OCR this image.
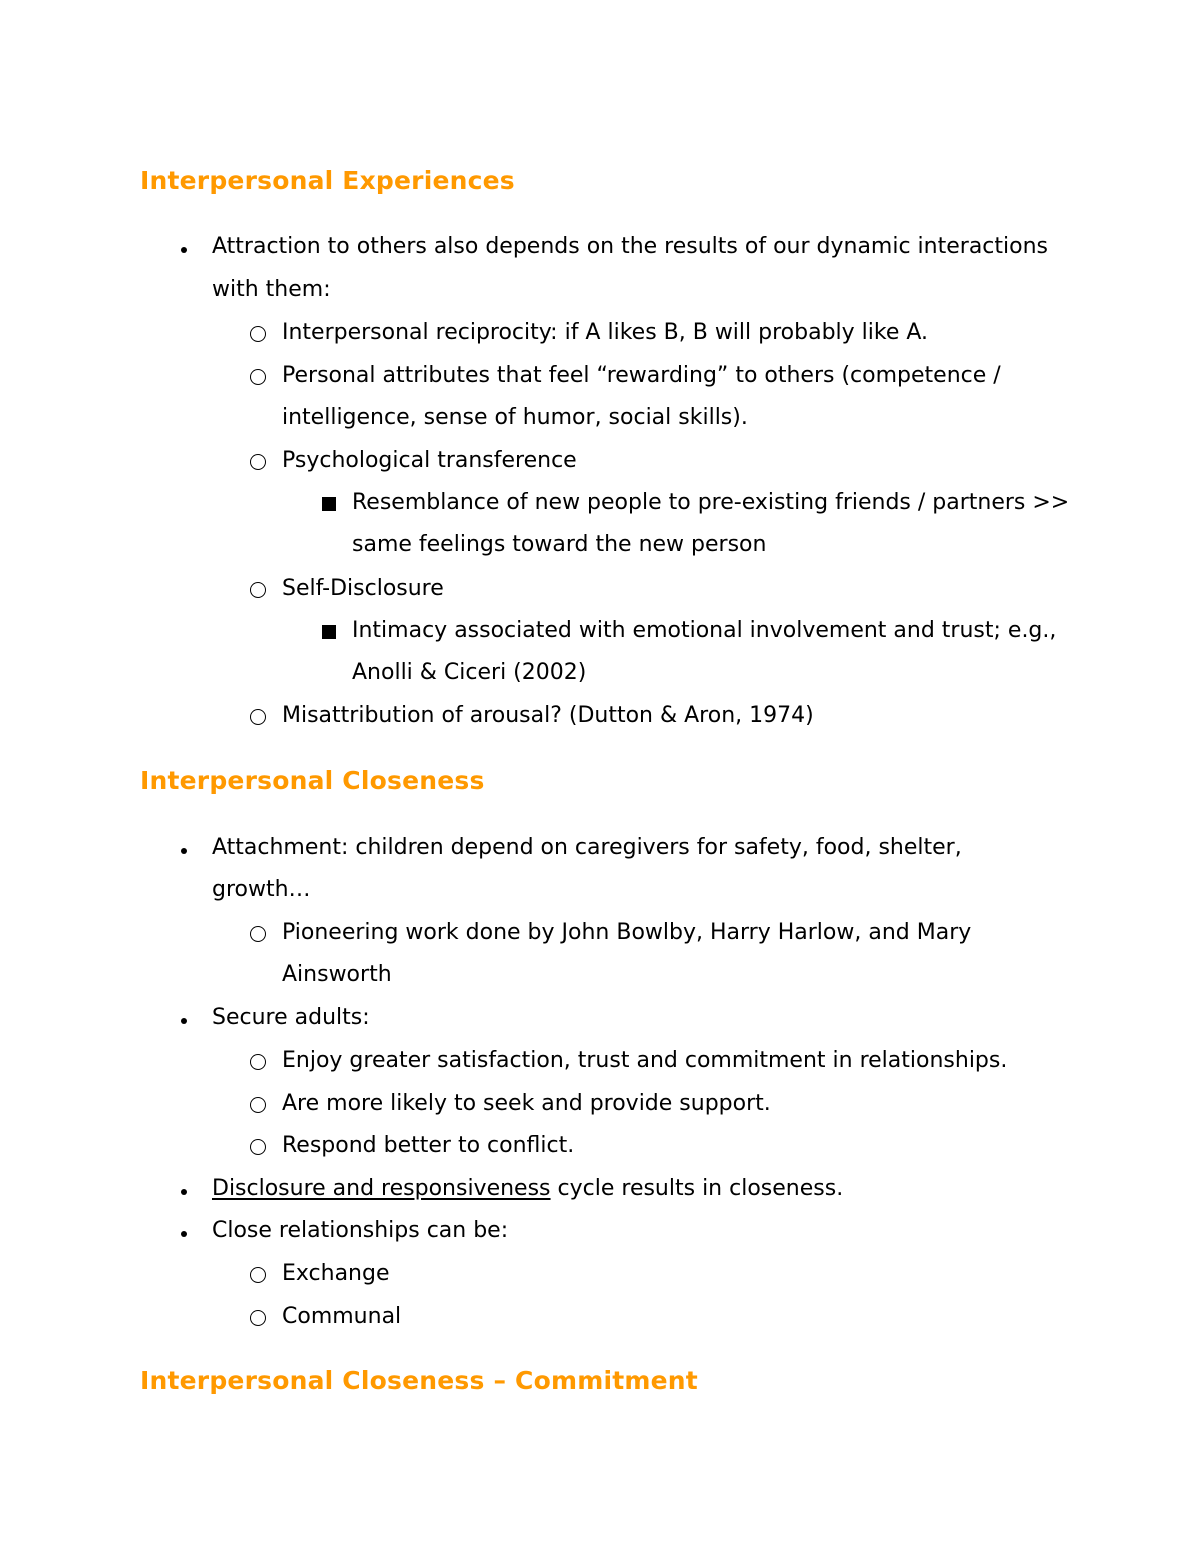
Interpersonal Experiences
Attraction to others also depends on the results of our dynamic interactions
with them:
Interpersonal reciprocity: if A likes B, B will probably like A.
Personal attributes that feel “rewarding” to others (competence /
intelligence, sense of humor, social skills).
Psychological transference
Resemblance of new people to pre-existing friends / partners >>
same feelings toward the new person
Self-Disclosure
Intimacy associated with emotional involvement and trust; e.g.,
Anolli & Ciceri (2002)
Misattribution of arousal? (Dutton & Aron, 1974)
Interpersonal Closeness
Attachment: children depend on caregivers for safety, food, shelter,
growth…
Pioneering work done by John Bowlby, Harry Harlow, and Mary
Ainsworth
Secure adults:
Enjoy greater satisfaction, trust and commitment in relationships.
Are more likely to seek and provide support.
Respond better to conflict.
Disclosure and responsiveness cycle results in closeness.
Close relationships can be:
Exchange
Communal
Interpersonal Closeness – Commitment
